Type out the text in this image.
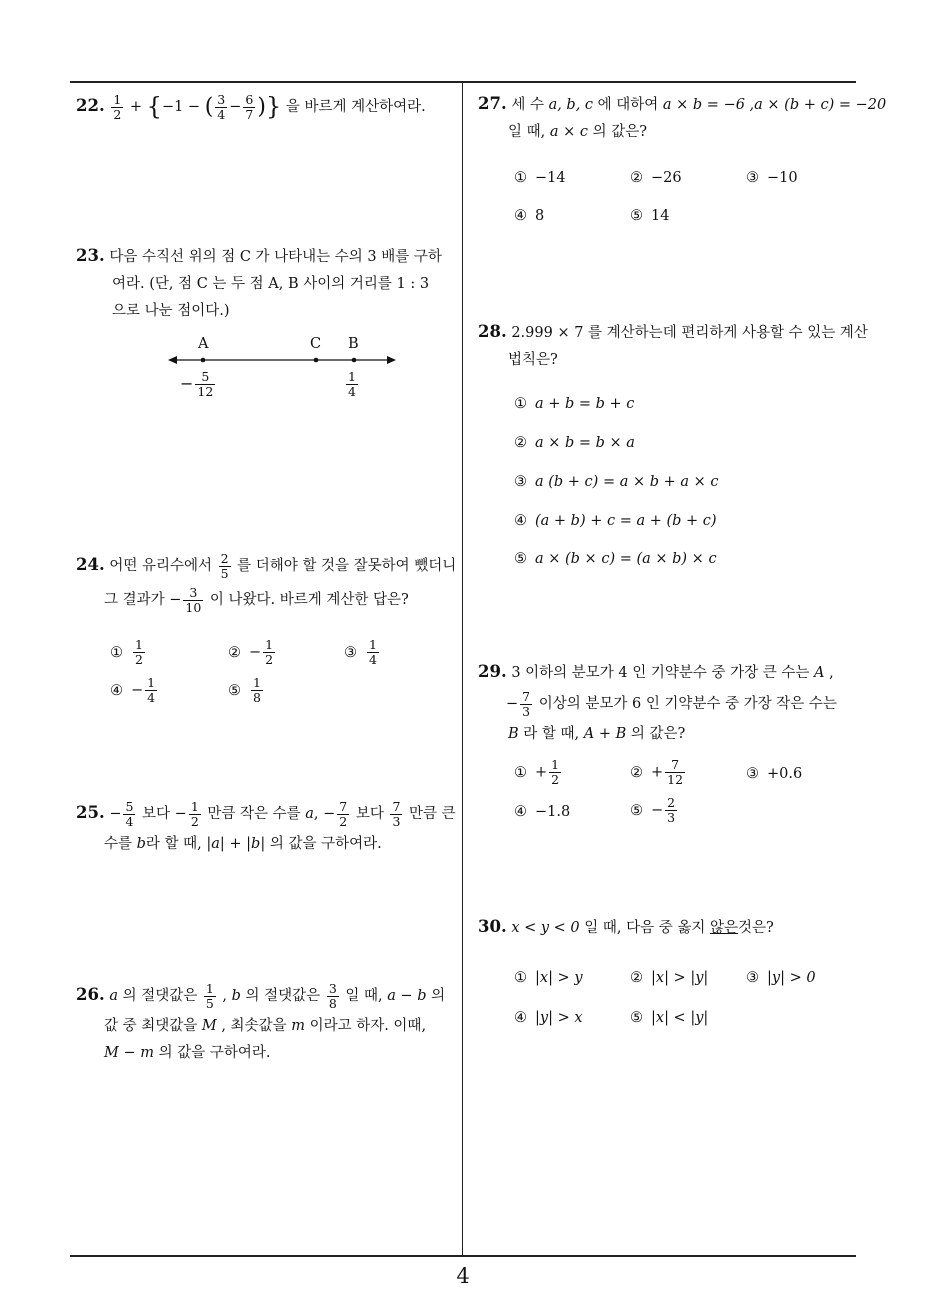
4
22. $\frac{1}{2} + \{-1$ − ( $\frac{3}{4} - \frac{6}{7}$ )} 을 바르게 계산하여라.
23. 다음 수직선 위의 점 C 가 나타내는 수의 3 배를 구하
여라. (단, 점 C 는 두 점 A, B 사이의 거리를 1 : 3
으로 나눈 점이다.)
A	C B
− $\frac{5}{12}$	$\frac{1}{4}$
24. 어떤 유리수에서 $\frac{2}{5}$ 를 더해야 할 것을 잘못하여 뺐더니
그 결과가 − $\frac{3}{10}$ 이 나왔다. 바르게 계산한 답은?
① $\frac{1}{2}$	② − $\frac{1}{2}$	③ $\frac{1}{4}$
④ − $\frac{1}{4}$	⑤ $\frac{1}{8}$
25. − $\frac{5}{4}$ 보다 − $\frac{1}{2}$ 만큼 작은 수를 a, − $\frac{7}{2}$ 보다 $\frac{7}{3}$ 만큼 큰
수를 b라 할 때, |a| + |b| 의 값을 구하여라.
26. a 의 절댓값은 $\frac{1}{5}$ , b 의 절댓값은 $\frac{3}{8}$ 일 때, a − b 의
값 중 최댓값을 M , 최솟값을 m 이라고 하자. 이때,
M − m 의 값을 구하여라.
27. 세 수 a, b, c 에 대하여 a × b = −6 ,a × (b + c) = −20
일 때, a × c 의 값은?
① −14	② −26	③ −10
④ 8	⑤ 14
28. 2.999 × 7 를 계산하는데 편리하게 사용할 수 있는 계산
법칙은?
① a + b = b + c
② a × b = b × a
③ a (b + c) = a × b + a × c
④ (a + b) + c = a + (b + c)
⑤ a × (b × c) = (a × b) × c
29. 3 이하의 분모가 4 인 기약분수 중 가장 큰 수는 A ,
− $\frac{7}{3}$ 이상의 분모가 6 인 기약분수 중 가장 작은 수는
B 라 할 때, A + B 의 값은?
① + $\frac{1}{2}$	② + $\frac{7}{12}$	③ +0.6
④ −1.8	⑤ − $\frac{2}{3}$
30. x < y < 0 일 때, 다음 중 옳지 않은것은?
① |x| > y	② |x| > |y|	③ |y| > 0
④ |y| > x	⑤ |x| < |y|
